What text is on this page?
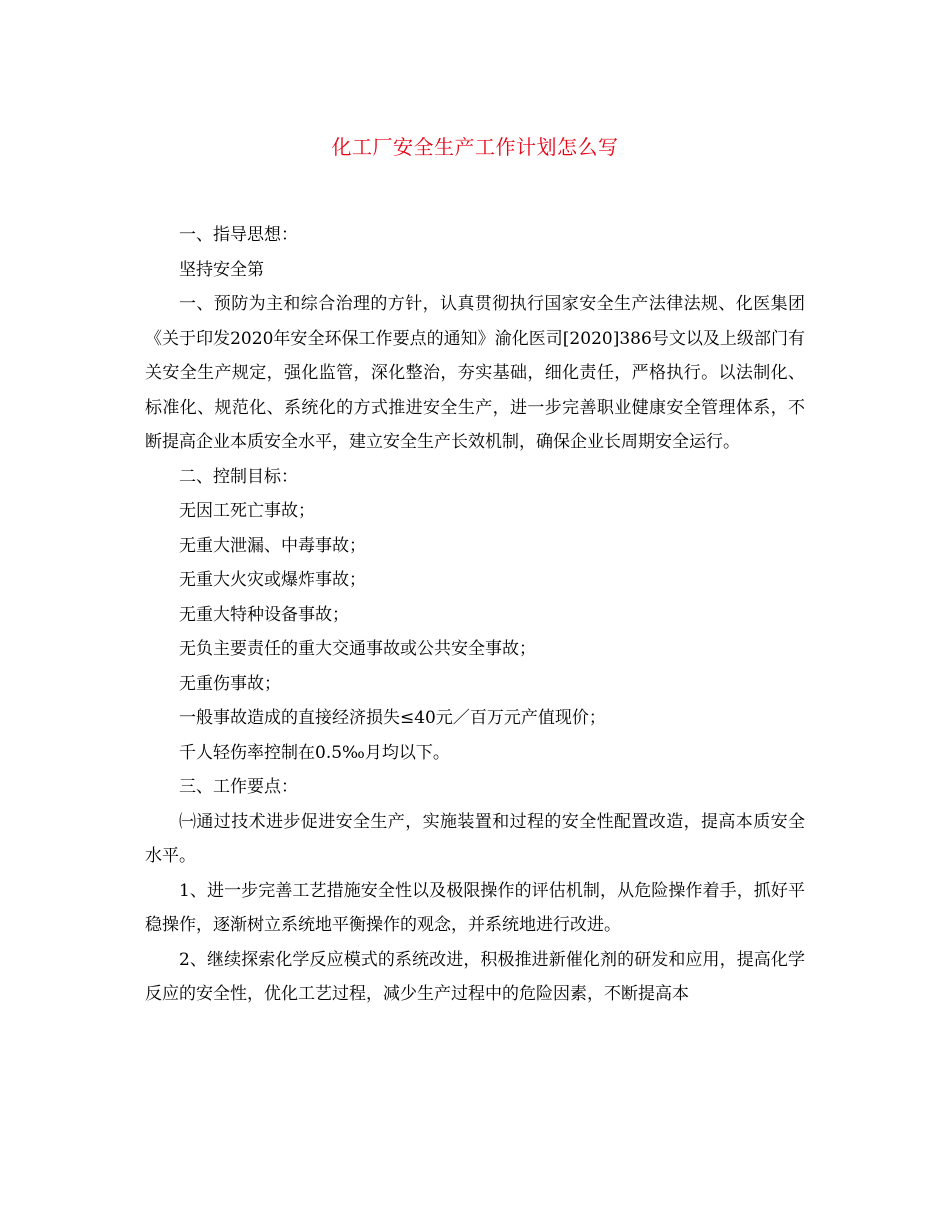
化工厂安全生产工作计划怎么写

一、指导思想：

坚持安全第

一、预防为主和综合治理的方针，认真贯彻执行国家安全生产法律法规、化医集团《关于印发2020年安全环保工作要点的通知》渝化医司[2020]386号文以及上级部门有关安全生产规定，强化监管，深化整治，夯实基础，细化责任，严格执行。以法制化、标准化、规范化、系统化的方式推进安全生产，进一步完善职业健康安全管理体系，不断提高企业本质安全水平，建立安全生产长效机制，确保企业长周期安全运行。

二、控制目标：

无因工死亡事故；

无重大泄漏、中毒事故；

无重大火灾或爆炸事故；

无重大特种设备事故；

无负主要责任的重大交通事故或公共安全事故；

无重伤事故；

一般事故造成的直接经济损失≤40元／百万元产值现价；

千人轻伤率控制在0.5‰月均以下。

三、工作要点：

㈠通过技术进步促进安全生产，实施装置和过程的安全性配置改造，提高本质安全水平。

1、进一步完善工艺措施安全性以及极限操作的评估机制，从危险操作着手，抓好平稳操作，逐渐树立系统地平衡操作的观念，并系统地进行改进。

2、继续探索化学反应模式的系统改进，积极推进新催化剂的研发和应用，提高化学反应的安全性，优化工艺过程，减少生产过程中的危险因素，不断提高本
